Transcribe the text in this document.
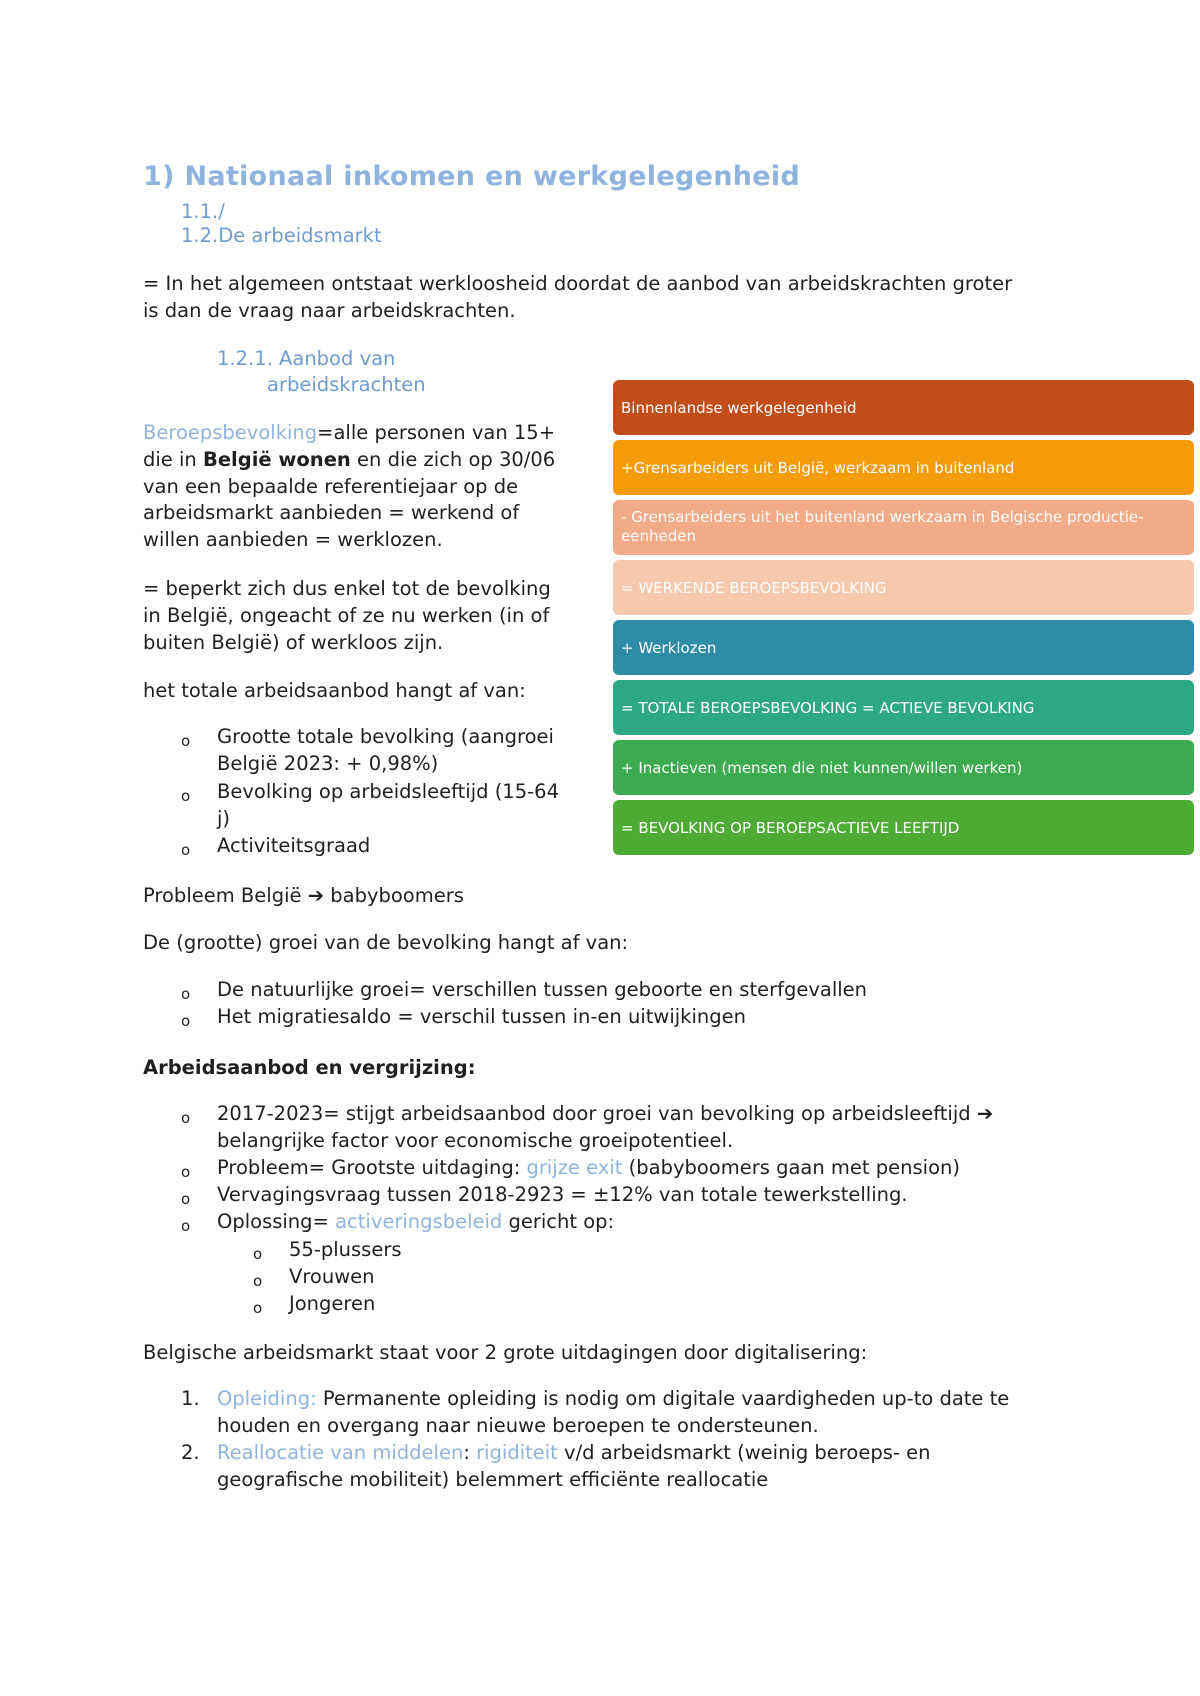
1) Nationaal inkomen en werkgelegenheid
1.1./
1.2.De arbeidsmarkt
= In het algemeen ontstaat werkloosheid doordat de aanbod van arbeidskrachten groter
is dan de vraag naar arbeidskrachten.
1.2.1. Aanbod van
arbeidskrachten
Beroepsbevolking=alle personen van 15+
die in België wonen en die zich op 30/06
van een bepaalde referentiejaar op de
arbeidsmarkt aanbieden = werkend of
willen aanbieden = werklozen.
= beperkt zich dus enkel tot de bevolking
in België, ongeacht of ze nu werken (in of
buiten België) of werkloos zijn.
het totale arbeidsaanbod hangt af van:
o Grootte totale bevolking (aangroei
België 2023: + 0,98%)
o Bevolking op arbeidsleeftijd (15-64
j)
o Activiteitsgraad
Binnenlandse werkgelegenheid
+Grensarbeiders uit België, werkzaam in buitenland
- Grensarbeiders uit het buitenland werkzaam in Belgische productie-eenheden
= WERKENDE BEROEPSBEVOLKING
+ Werklozen
= TOTALE BEROEPSBEVOLKING = ACTIEVE BEVOLKING
+ Inactieven (mensen die niet kunnen/willen werken)
= BEVOLKING OP BEROEPSACTIEVE LEEFTIJD
Probleem België ➔ babyboomers
De (grootte) groei van de bevolking hangt af van:
o De natuurlijke groei= verschillen tussen geboorte en sterfgevallen
o Het migratiesaldo = verschil tussen in-en uitwijkingen
Arbeidsaanbod en vergrijzing:
o 2017-2023= stijgt arbeidsaanbod door groei van bevolking op arbeidsleeftijd ➔
belangrijke factor voor economische groeipotentieel.
o Probleem= Grootste uitdaging: grijze exit (babyboomers gaan met pension)
o Vervagingsvraag tussen 2018-2923 = ±12% van totale tewerkstelling.
o Oplossing= activeringsbeleid gericht op:
o 55-plussers
o Vrouwen
o Jongeren
Belgische arbeidsmarkt staat voor 2 grote uitdagingen door digitalisering:
1. Opleiding: Permanente opleiding is nodig om digitale vaardigheden up-to date te
houden en overgang naar nieuwe beroepen te ondersteunen.
2. Reallocatie van middelen: rigiditeit v/d arbeidsmarkt (weinig beroeps- en
geografische mobiliteit) belemmert efficiënte reallocatie
